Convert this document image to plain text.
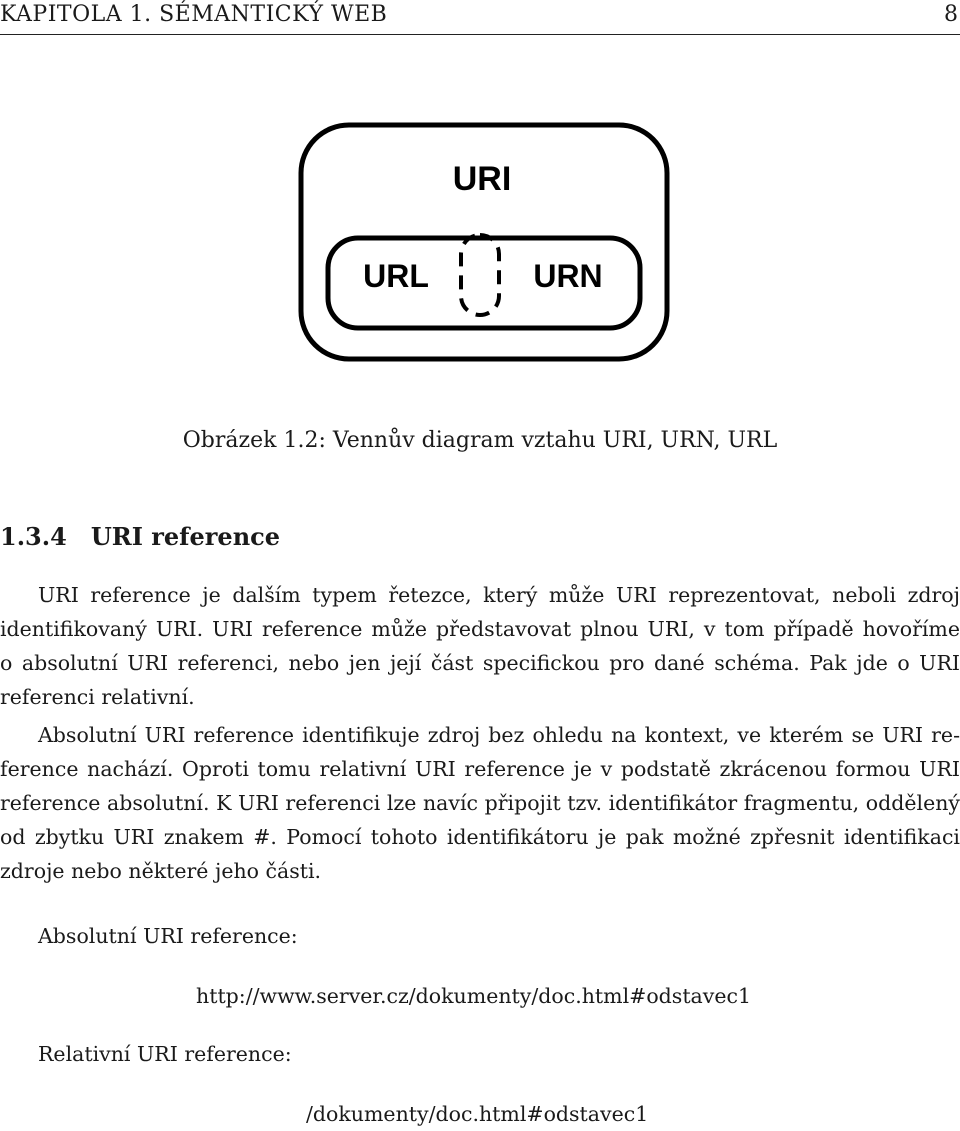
KAPITOLA 1. SÉMANTICKÝ WEB	8
URI
URL	URN
Obrázek 1.2: Vennův diagram vztahu URI, URN, URL
1.3.4 URI reference
URI reference je dalším typem řetezce, který může URI reprezentovat, neboli zdroj
identifikovaný URI. URI reference může představovat plnou URI, v tom případě hovoříme
o absolutní URI referenci, nebo jen její část specifickou pro dané schéma. Pak jde o URI
referenci relativní.
Absolutní URI reference identifikuje zdroj bez ohledu na kontext, ve kterém se URI re-
ference nachází. Oproti tomu relativní URI reference je v podstatě zkrácenou formou URI
reference absolutní. K URI referenci lze navíc připojit tzv. identifikátor fragmentu, oddělený
od zbytku URI znakem #. Pomocí tohoto identifikátoru je pak možné zpřesnit identifikaci
zdroje nebo některé jeho části.
Absolutní URI reference:
http://www.server.cz/dokumenty/doc.html#odstavec1
Relativní URI reference:
/dokumenty/doc.html#odstavec1
